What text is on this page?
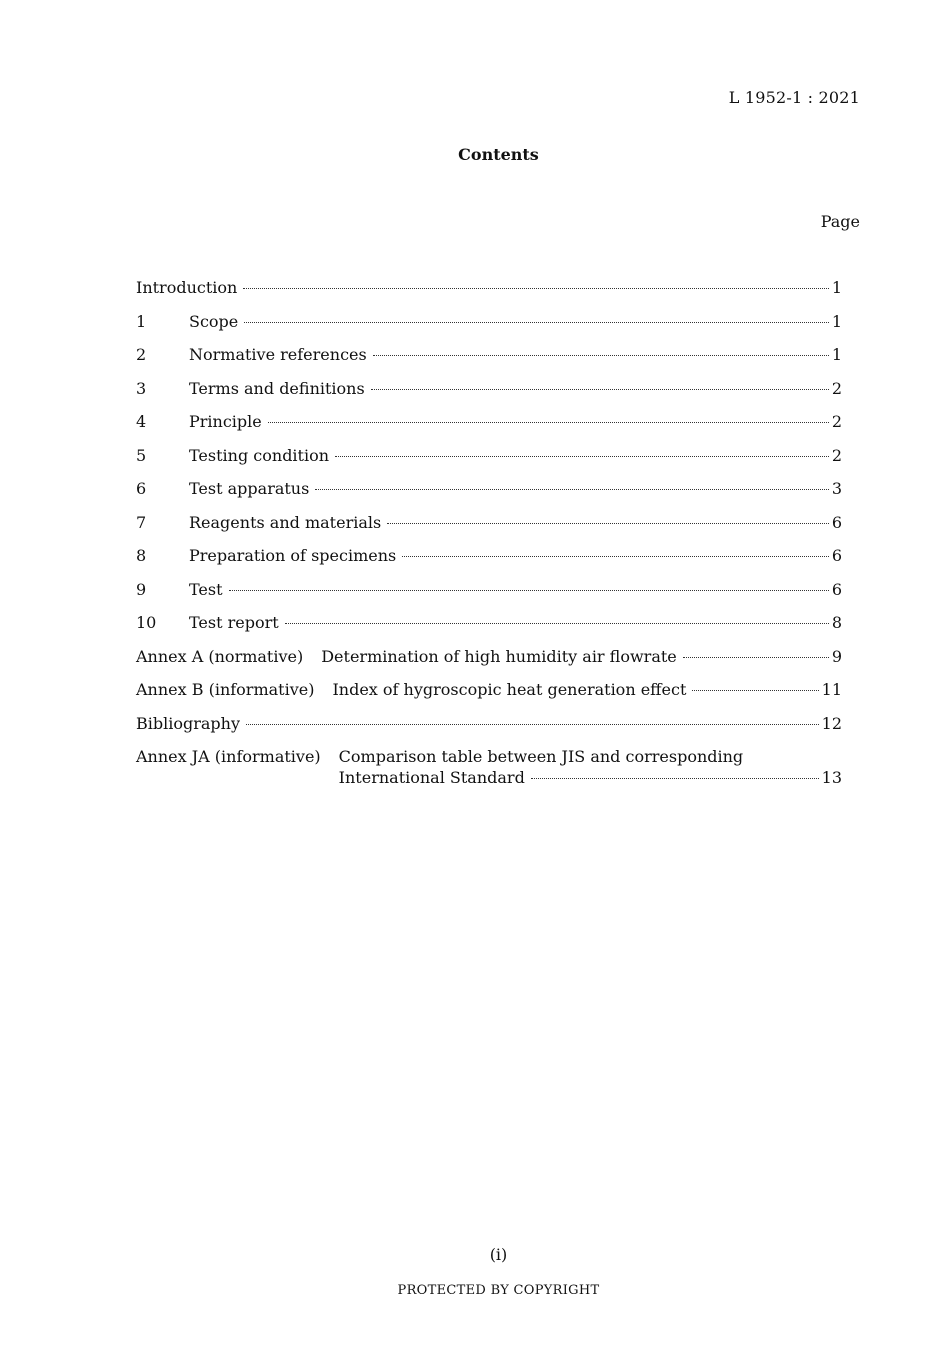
L 1952-1 : 2021
Contents
Page
Introduction	1
1	Scope	1
2	Normative references	1
3	Terms and definitions	2
4	Principle	2
5	Testing condition	2
6	Test apparatus	3
7	Reagents and materials	6
8	Preparation of specimens	6
9	Test	6
10	Test report	8
Annex A (normative) Determination of high humidity air flowrate	9
Annex B (informative) Index of hygroscopic heat generation effect	11
Bibliography	12
Annex JA (informative) Comparison table between JIS and corresponding
International Standard	13
(i)
PROTECTED BY COPYRIGHT
